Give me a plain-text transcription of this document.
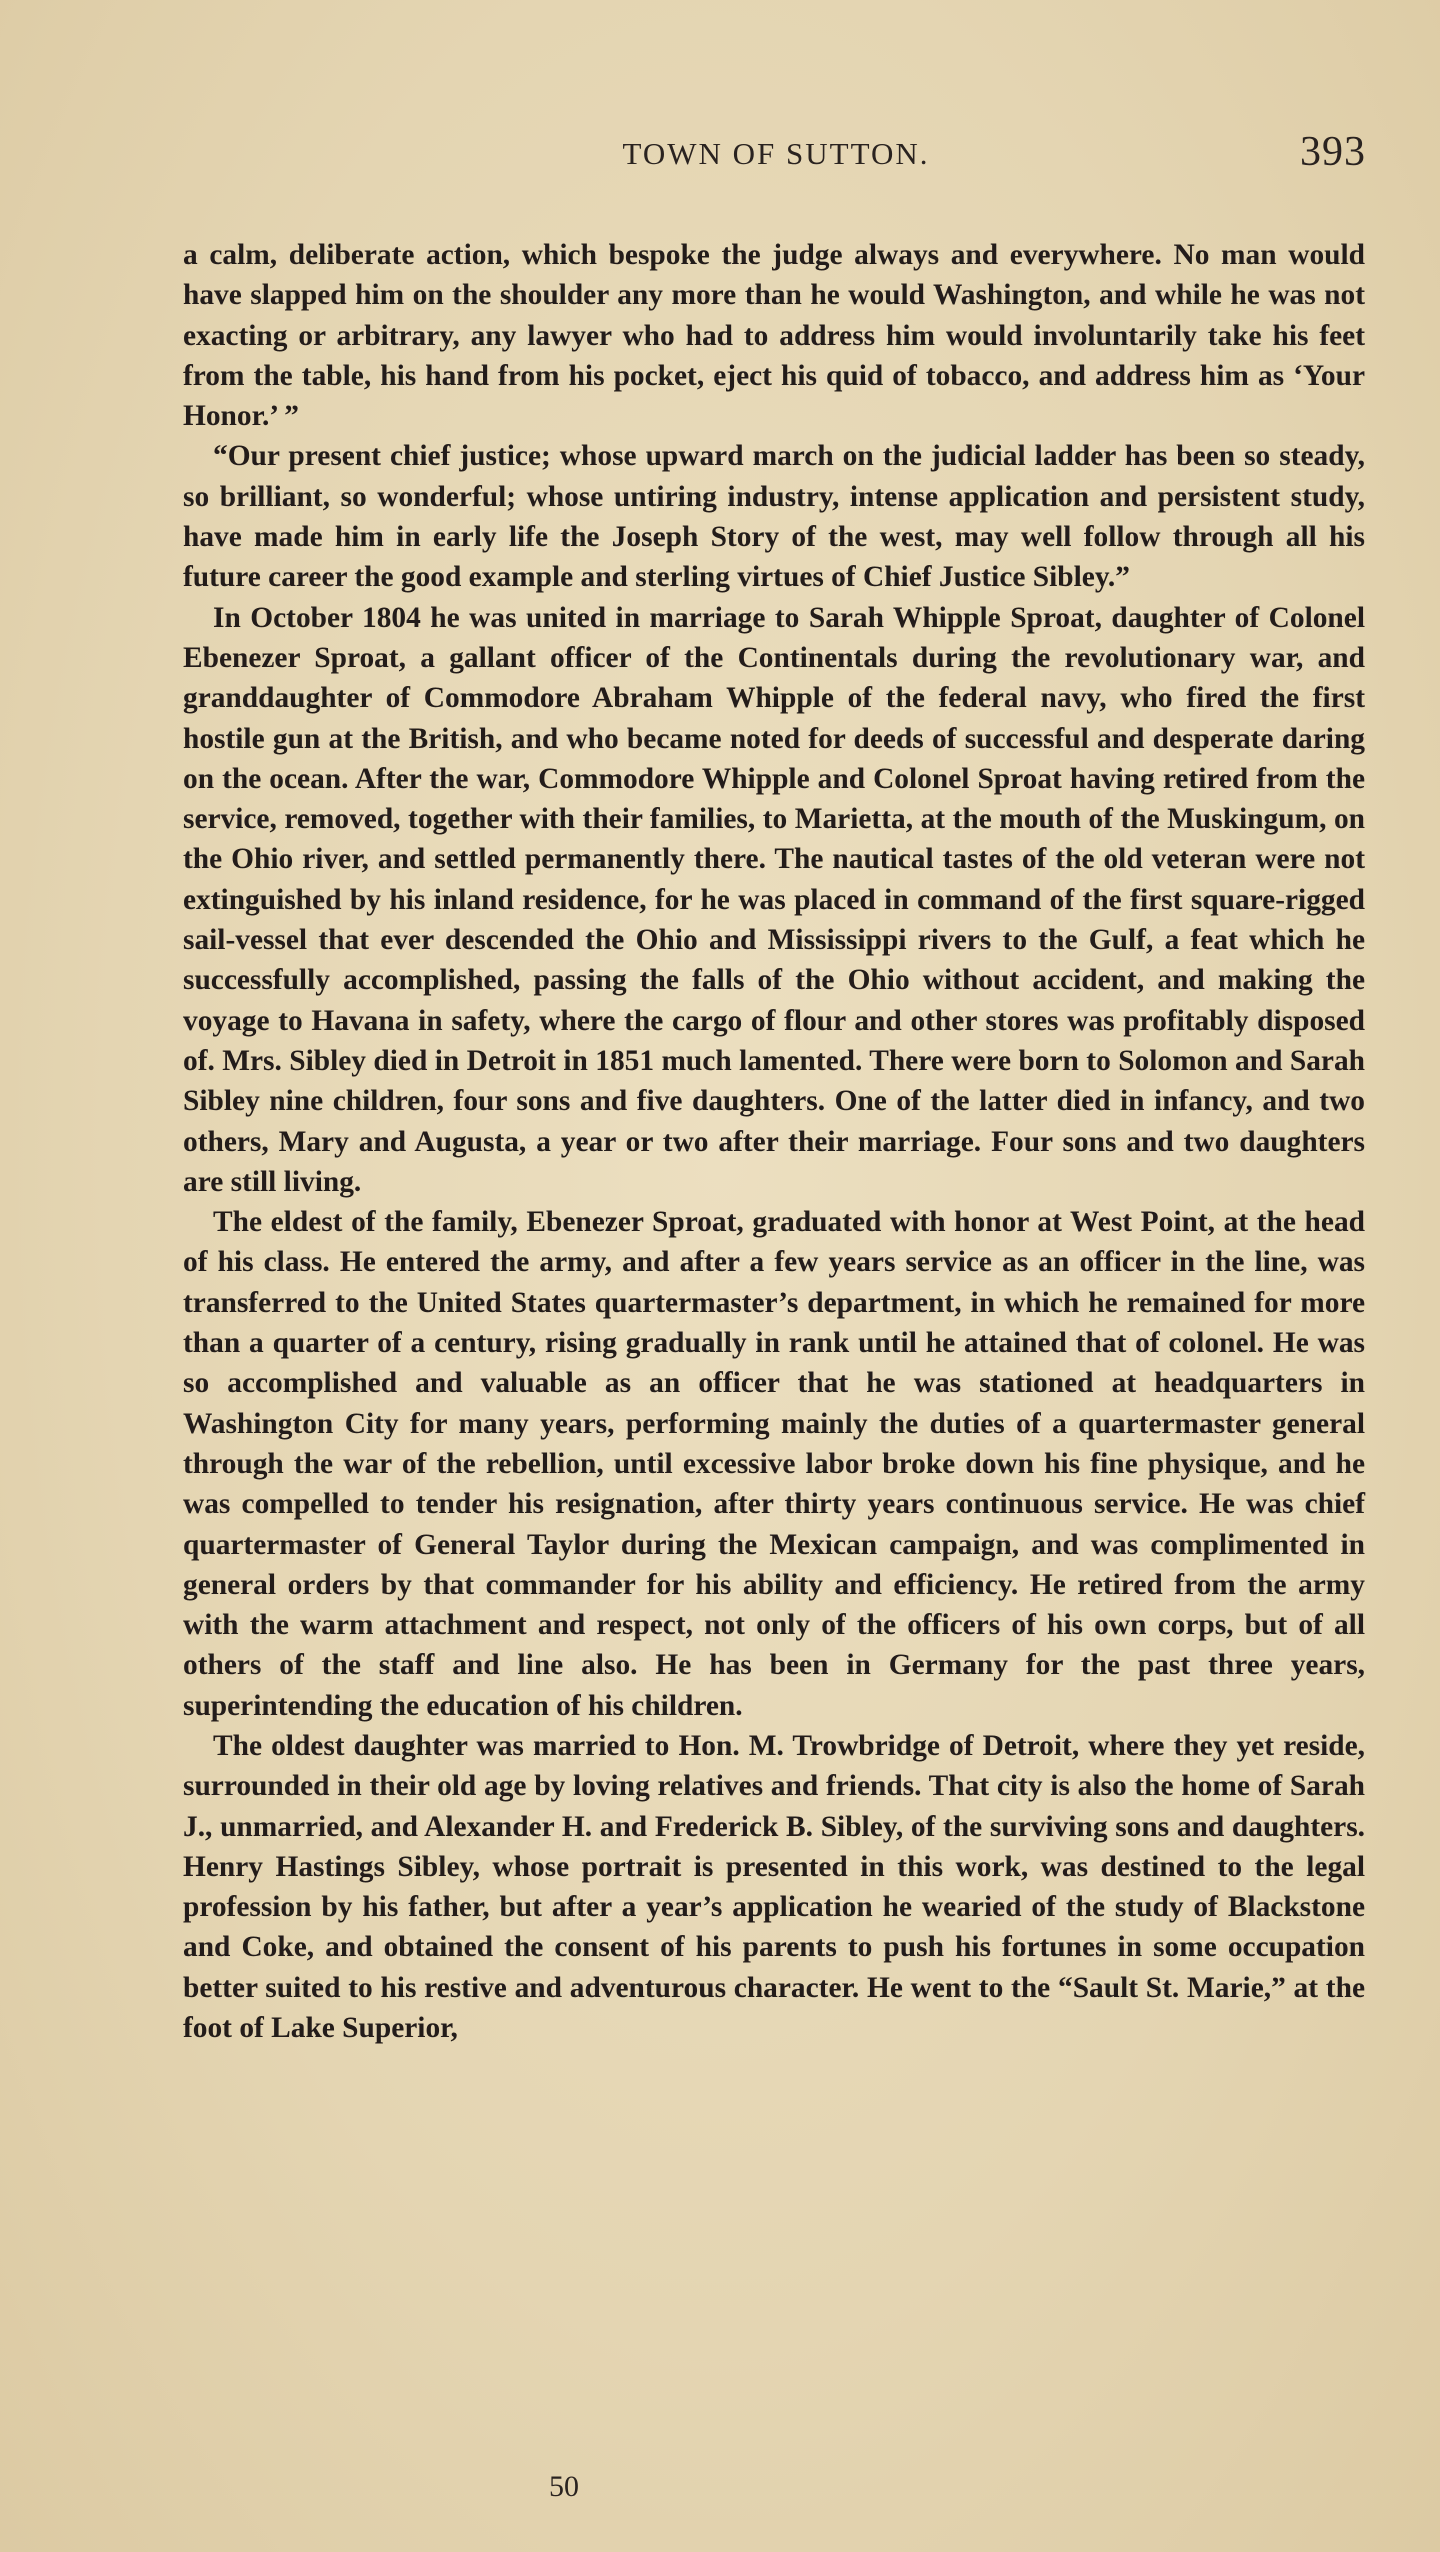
TOWN OF SUTTON.	393

a calm, deliberate action, which bespoke the judge always and everywhere. No man would have slapped him on the shoulder any more than he would Washington, and while he was not exacting or arbitrary, any lawyer who had to address him would involuntarily take his feet from the table, his hand from his pocket, eject his quid of tobacco, and address him as ‘Your Honor.’ ”

“Our present chief justice; whose upward march on the judicial ladder has been so steady, so brilliant, so wonderful; whose untiring industry, intense application and persistent study, have made him in early life the Joseph Story of the west, may well follow through all his future career the good example and sterling virtues of Chief Justice Sibley.”

In October 1804 he was united in marriage to Sarah Whipple Sproat, daughter of Colonel Ebenezer Sproat, a gallant officer of the Continentals during the revolutionary war, and granddaughter of Commodore Abraham Whipple of the federal navy, who fired the first hostile gun at the British, and who became noted for deeds of successful and desperate daring on the ocean. After the war, Commodore Whipple and Colonel Sproat having retired from the service, removed, together with their families, to Marietta, at the mouth of the Muskingum, on the Ohio river, and settled permanently there. The nautical tastes of the old veteran were not extinguished by his inland residence, for he was placed in command of the first square-rigged sail-vessel that ever descended the Ohio and Mississippi rivers to the Gulf, a feat which he successfully accomplished, passing the falls of the Ohio without accident, and making the voyage to Havana in safety, where the cargo of flour and other stores was profitably disposed of. Mrs. Sibley died in Detroit in 1851 much lamented. There were born to Solomon and Sarah Sibley nine children, four sons and five daughters. One of the latter died in infancy, and two others, Mary and Augusta, a year or two after their marriage. Four sons and two daughters are still living.

The eldest of the family, Ebenezer Sproat, graduated with honor at West Point, at the head of his class. He entered the army, and after a few years service as an officer in the line, was transferred to the United States quartermaster’s department, in which he remained for more than a quarter of a century, rising gradually in rank until he attained that of colonel. He was so accomplished and valuable as an officer that he was stationed at headquarters in Washington City for many years, performing mainly the duties of a quartermaster general through the war of the rebellion, until excessive labor broke down his fine physique, and he was compelled to tender his resignation, after thirty years continuous service. He was chief quartermaster of General Taylor during the Mexican campaign, and was complimented in general orders by that commander for his ability and efficiency. He retired from the army with the warm attachment and respect, not only of the officers of his own corps, but of all others of the staff and line also. He has been in Germany for the past three years, superintending the education of his children.

The oldest daughter was married to Hon. M. Trowbridge of Detroit, where they yet reside, surrounded in their old age by loving relatives and friends. That city is also the home of Sarah J., unmarried, and Alexander H. and Frederick B. Sibley, of the surviving sons and daughters. Henry Hastings Sibley, whose portrait is presented in this work, was destined to the legal profession by his father, but after a year’s application he wearied of the study of Blackstone and Coke, and obtained the consent of his parents to push his fortunes in some occupation better suited to his restive and adventurous character. He went to the “Sault St. Marie,” at the foot of Lake Superior,

50
